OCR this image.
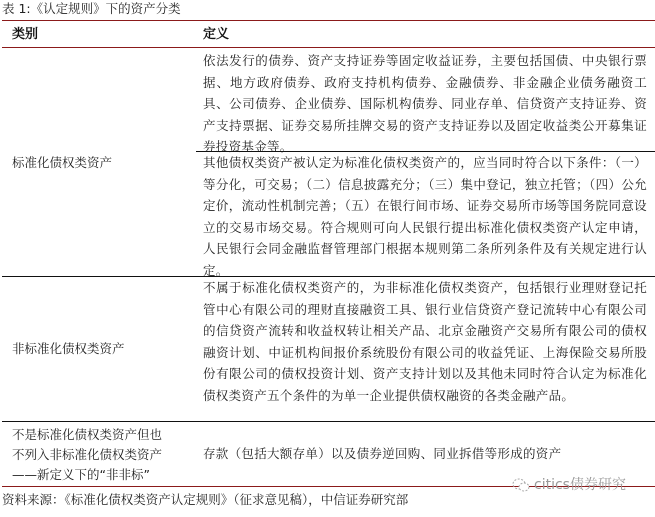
表 1:《认定规则》下的资产分类
类别	定义
标准化债权类资产
依法发行的债券、资产支持证券等固定收益证券，主要包括国债、中央银行票据、地方政府债券、政府支持机构债券、金融债券、非金融企业债务融资工具、公司债券、企业债券、国际机构债券、同业存单、信贷资产支持证券、资产支持票据、证券交易所挂牌交易的资产支持证券以及固定收益类公开募集证券投资基金等。
其他债权类资产被认定为标准化债权类资产的，应当同时符合以下条件：（一）等分化，可交易；（二）信息披露充分；（三）集中登记，独立托管；（四）公允定价，流动性机制完善；（五）在银行间市场、证券交易所市场等国务院同意设立的交易市场交易。符合规则可向人民银行提出标准化债权类资产认定申请，人民银行会同金融监督管理部门根据本规则第二条所列条件及有关规定进行认定。
非标准化债权类资产
不属于标准化债权类资产的，为非标准化债权类资产，包括银行业理财登记托管中心有限公司的理财直接融资工具、银行业信贷资产登记流转中心有限公司的信贷资产流转和收益权转让相关产品、北京金融资产交易所有限公司的债权融资计划、中证机构间报价系统股份有限公司的收益凭证、上海保险交易所股份有限公司的债权投资计划、资产支持计划以及其他未同时符合认定为标准化债权类资产五个条件的为单一企业提供债权融资的各类金融产品。
不是标准化债权类资产但也
不列入非标准化债权类资产
——新定义下的“非非标”
存款（包括大额存单）以及债券逆回购、同业拆借等形成的资产
资料来源：《标准化债权类资产认定规则》（征求意见稿），中信证券研究部
citics债券研究
